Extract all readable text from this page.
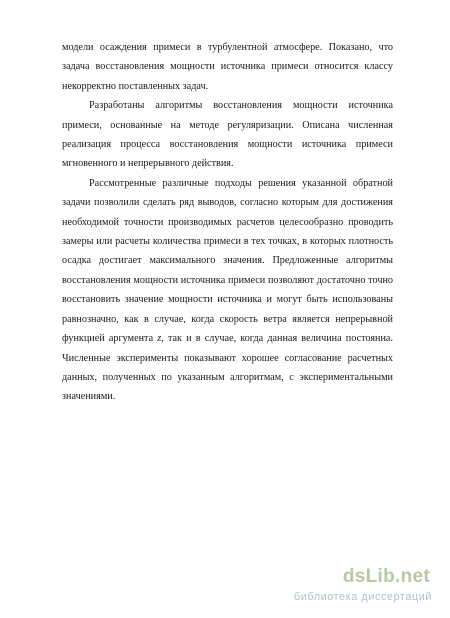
модели осаждения примеси в турбулентной атмосфере. Показано, что задача восстановления мощности источника примеси относится классу некорректно поставленных задач.

Разработаны алгоритмы восстановления мощности источника примеси, основанные на методе регуляризации. Описана численная реализация процесса восстановления мощности источника примеси мгновенного и непрерывного действия.

Рассмотренные различные подходы решения указанной обратной задачи позволили сделать ряд выводов, согласно которым для достижения необходимой точности производимых расчетов целесообразно проводить замеры или расчеты количества примеси в тех точках, в которых плотность осадка достигает максимального значения. Предложенные алгоритмы восстановления мощности источника примеси позволяют достаточно точно восстановить значение мощности источника и могут быть использованы равнозначно, как в случае, когда скорость ветра является непрерывной функцией аргумента z, так и в случае, когда данная величина постоянна. Численные эксперименты показывают хорошее согласование расчетных данных, полученных по указанным алгоритмам, с экспериментальными значениями.

dsLib.net
библиотека диссертаций
